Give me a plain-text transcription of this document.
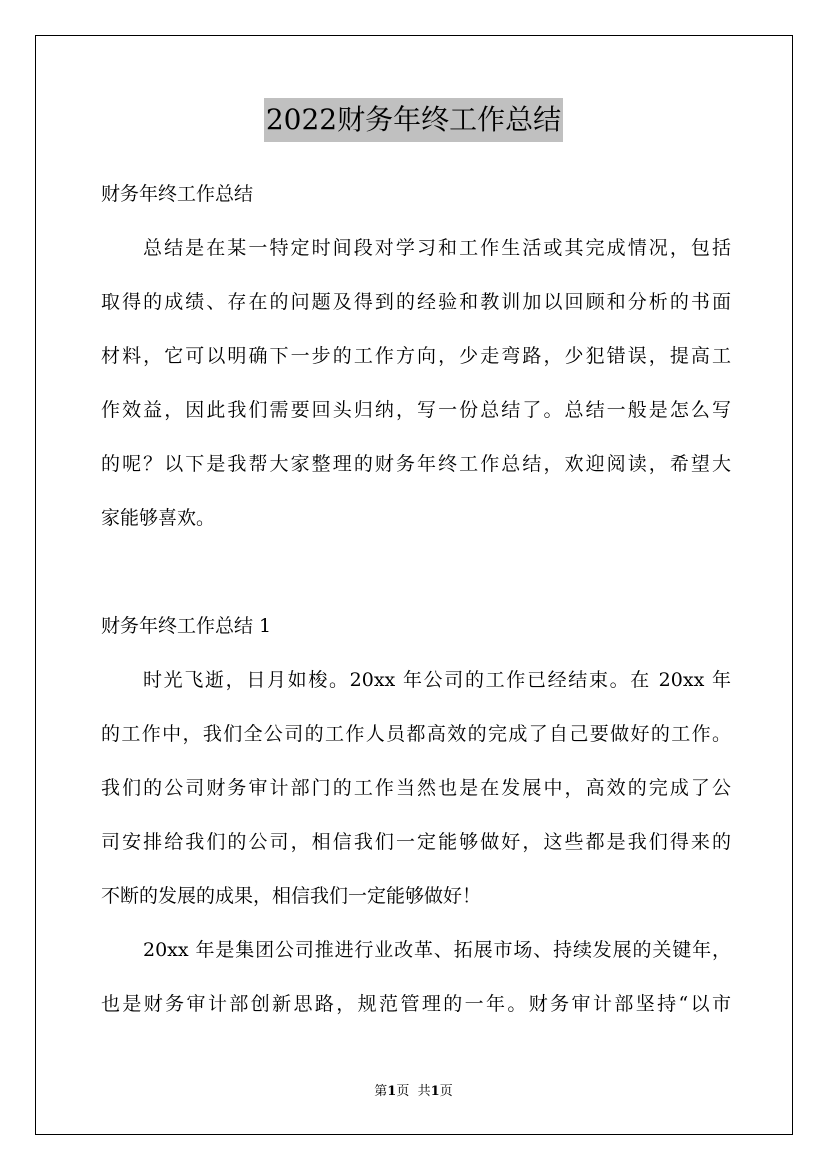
2022财务年终工作总结
财务年终工作总结
总结是在某一特定时间段对学习和工作生活或其完成情况，包括
取得的成绩、存在的问题及得到的经验和教训加以回顾和分析的书面
材料，它可以明确下一步的工作方向，少走弯路，少犯错误，提高工
作效益，因此我们需要回头归纳，写一份总结了。总结一般是怎么写
的呢？以下是我帮大家整理的财务年终工作总结，欢迎阅读，希望大
家能够喜欢。
财务年终工作总结 1
时光飞逝，日月如梭。20xx 年公司的工作已经结束。在 20xx 年
的工作中，我们全公司的工作人员都高效的完成了自己要做好的工作。
我们的公司财务审计部门的工作当然也是在发展中，高效的完成了公
司安排给我们的公司，相信我们一定能够做好，这些都是我们得来的
不断的发展的成果，相信我们一定能够做好！
20xx 年是集团公司推进行业改革、拓展市场、持续发展的关键年，
也是财务审计部创新思路，规范管理的一年。财务审计部坚持“以市
第1页 共1页
